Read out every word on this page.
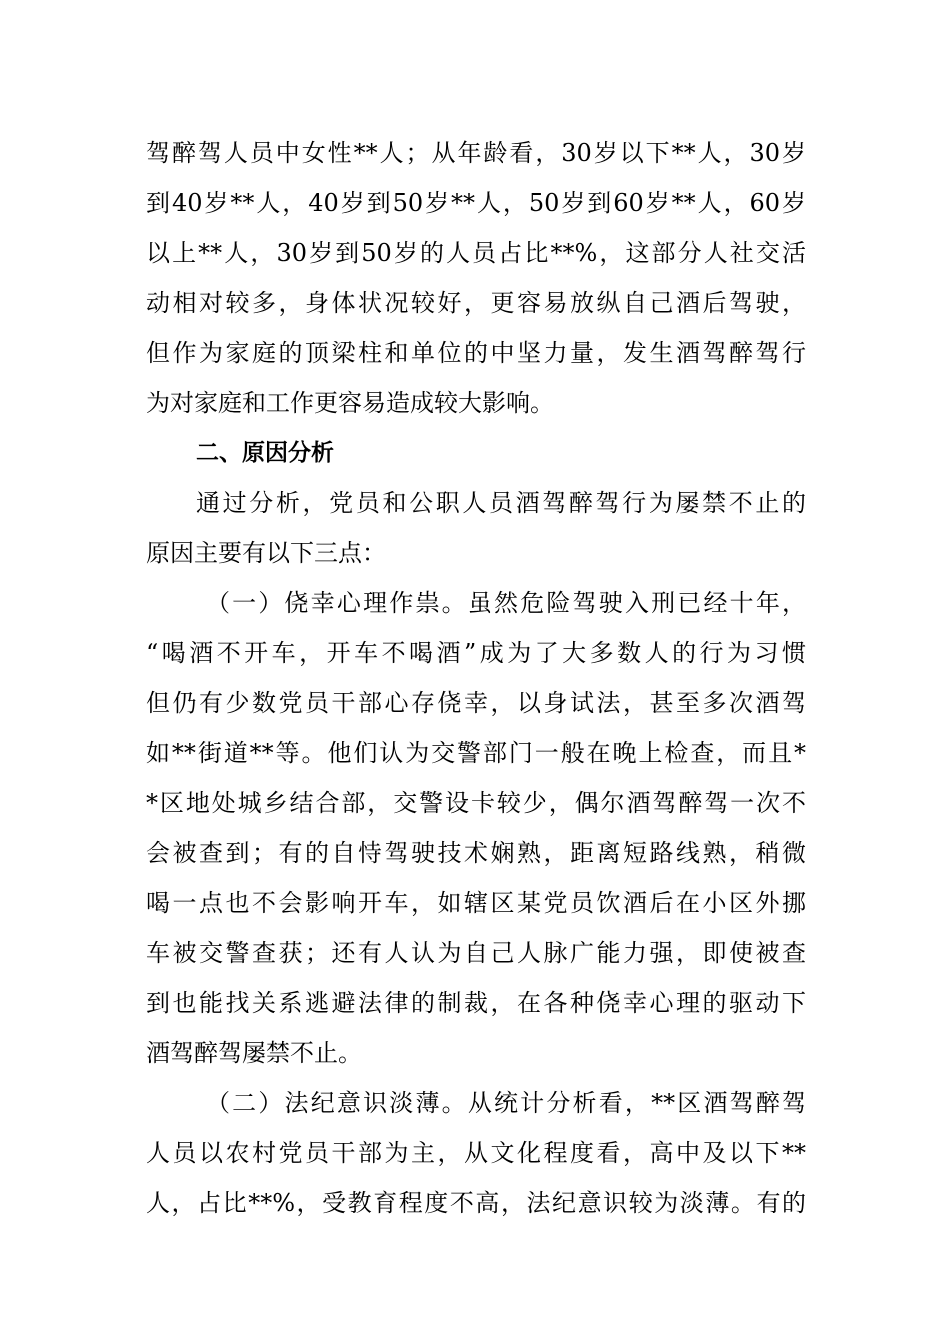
驾醉驾人员中女性**人；从年龄看，30岁以下**人，30岁
到40岁**人，40岁到50岁**人，50岁到60岁**人，60岁
以上**人，30岁到50岁的人员占比**%，这部分人社交活
动相对较多，身体状况较好，更容易放纵自己酒后驾驶，
但作为家庭的顶梁柱和单位的中坚力量，发生酒驾醉驾行
为对家庭和工作更容易造成较大影响。
二、原因分析
通过分析，党员和公职人员酒驾醉驾行为屡禁不止的
原因主要有以下三点：
（一）侥幸心理作祟。虽然危险驾驶入刑已经十年，
“喝酒不开车，开车不喝酒”成为了大多数人的行为习惯
但仍有少数党员干部心存侥幸，以身试法，甚至多次酒驾
如**街道**等。他们认为交警部门一般在晚上检查，而且*
*区地处城乡结合部，交警设卡较少，偶尔酒驾醉驾一次不
会被查到；有的自恃驾驶技术娴熟，距离短路线熟，稍微
喝一点也不会影响开车，如辖区某党员饮酒后在小区外挪
车被交警查获；还有人认为自己人脉广能力强，即使被查
到也能找关系逃避法律的制裁，在各种侥幸心理的驱动下
酒驾醉驾屡禁不止。
（二）法纪意识淡薄。从统计分析看，**区酒驾醉驾
人员以农村党员干部为主，从文化程度看，高中及以下**
人，占比**%，受教育程度不高，法纪意识较为淡薄。有的
